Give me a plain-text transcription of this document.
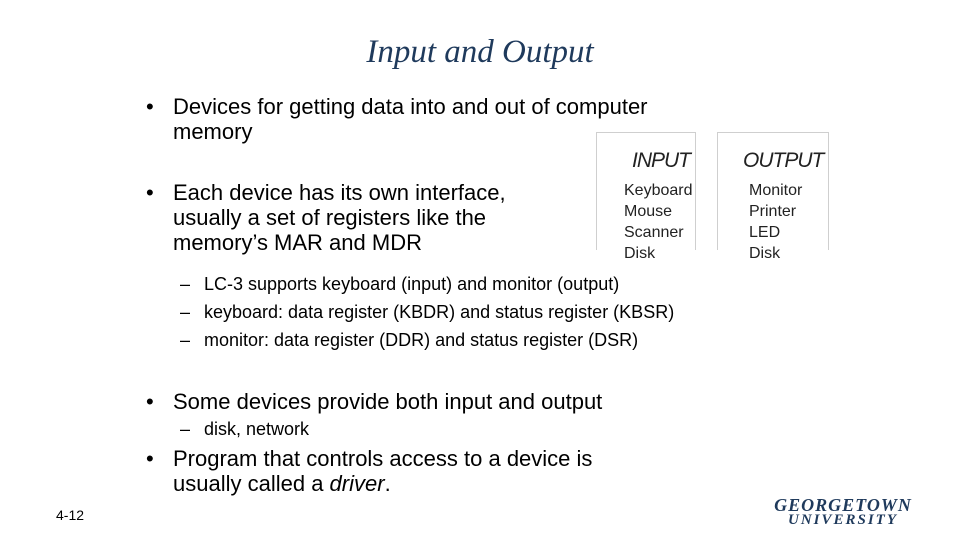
Input and Output
• Devices for getting data into and out of computer
memory
• Each device has its own interface,
usually a set of registers like the
memory’s MAR and MDR
INPUT
Keyboard
Mouse
Scanner
Disk
OUTPUT
Monitor
Printer
LED
Disk
– LC-3 supports keyboard (input) and monitor (output)
– keyboard: data register (KBDR) and status register (KBSR)
– monitor: data register (DDR) and status register (DSR)
• Some devices provide both input and output
– disk, network
• Program that controls access to a device is
usually called a driver.
4-12	GEORGETOWN
UNIVERSITY
